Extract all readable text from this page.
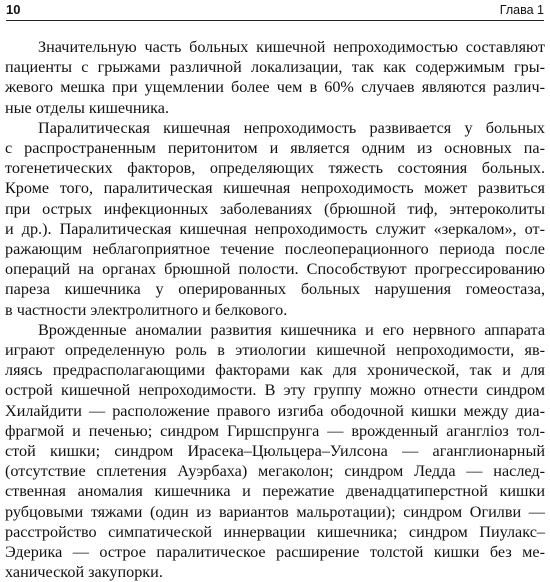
10	Глава 1
Значительную часть больных кишечной непроходимостью составляют
пациенты с грыжами различной локализации, так как содержимым гры-
жевого мешка при ущемлении более чем в 60% случаев являются различ-
ные отделы кишечника.
Паралитическая кишечная непроходимость развивается у больных
с распространенным перитонитом и является одним из основных па-
тогенетических факторов, определяющих тяжесть состояния больных.
Кроме того, паралитическая кишечная непроходимость может развиться
при острых инфекционных заболеваниях (брюшной тиф, энтероколиты
и др.). Паралитическая кишечная непроходимость служит «зеркалом», от-
ражающим неблагоприятное течение послеоперационного периода после
операций на органах брюшной полости. Способствуют прогрессированию
пареза кишечника у оперированных больных нарушения гомеостаза,
в частности электролитного и белкового.
Врожденные аномалии развития кишечника и его нервного аппарата
играют определенную роль в этиологии кишечной непроходимости, яв-
ляясь предрасполагающими факторами как для хронической, так и для
острой кишечной непроходимости. В эту группу можно отнести синдром
Хилайдити — расположение правого изгиба ободочной кишки между диа-
фрагмой и печенью; синдром Гиршспрунга — врожденный агангліоз тол-
стой кишки; синдром Ирасека–Цюльцера–Уилсона — аганглионарный
(отсутствие сплетения Ауэрбаха) мегаколон; синдром Ледда — наслед-
ственная аномалия кишечника и пережатие двенадцатиперстной кишки
рубцовыми тяжами (один из вариантов мальротации); синдром Огилви —
расстройство симпатической иннервации кишечника; синдром Пиулакс–
Эдерика — острое паралитическое расширение толстой кишки без ме-
ханической закупорки.
